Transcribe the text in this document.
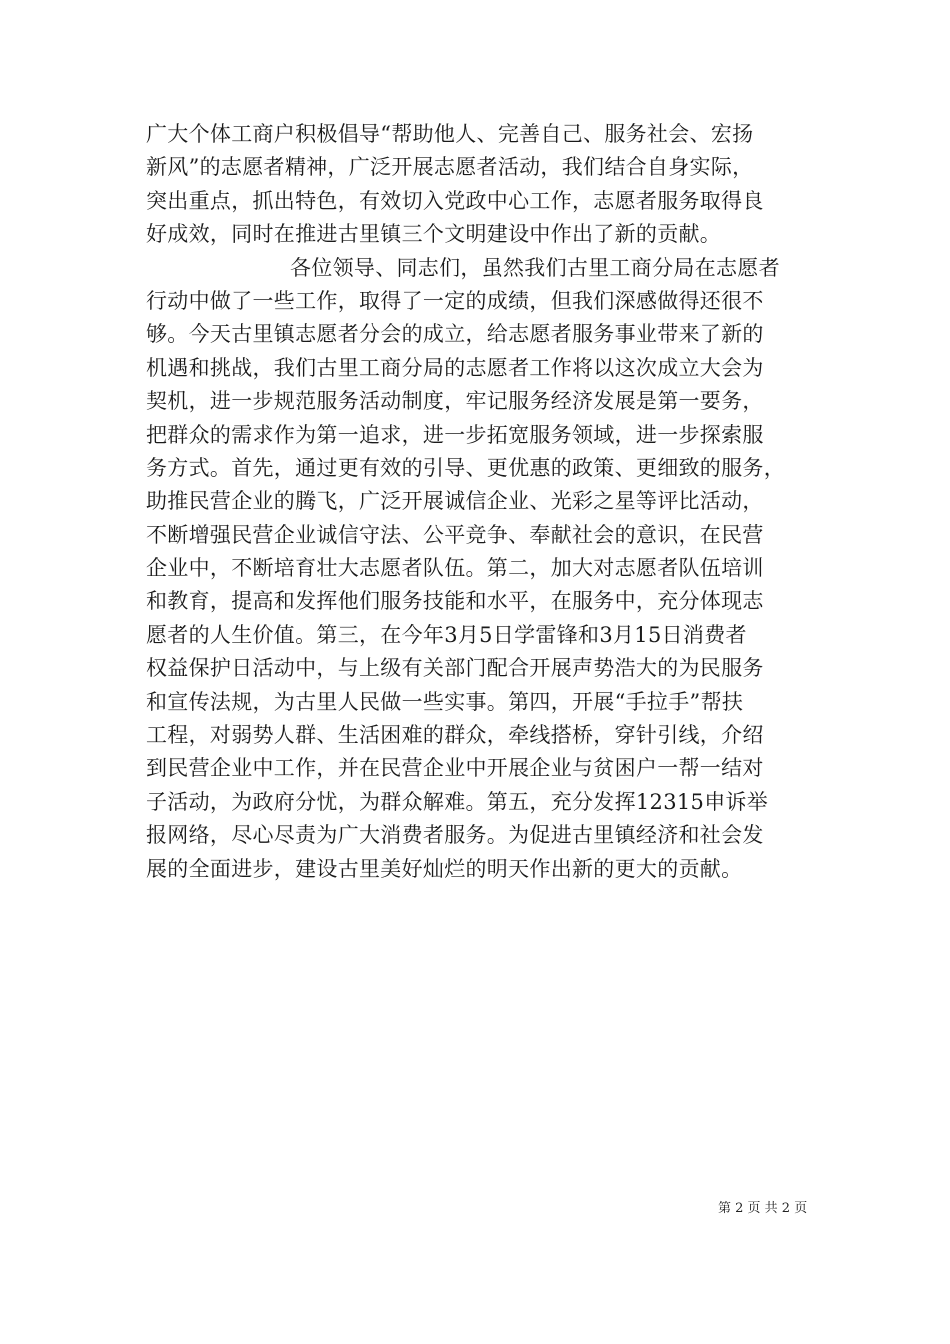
广大个体工商户积极倡导“帮助他人、完善自己、服务社会、宏扬
新风”的志愿者精神，广泛开展志愿者活动，我们结合自身实际，
突出重点，抓出特色，有效切入党政中心工作，志愿者服务取得良
好成效，同时在推进古里镇三个文明建设中作出了新的贡献。
各位领导、同志们，虽然我们古里工商分局在志愿者
行动中做了一些工作，取得了一定的成绩，但我们深感做得还很不
够。今天古里镇志愿者分会的成立，给志愿者服务事业带来了新的
机遇和挑战，我们古里工商分局的志愿者工作将以这次成立大会为
契机，进一步规范服务活动制度，牢记服务经济发展是第一要务，
把群众的需求作为第一追求，进一步拓宽服务领域，进一步探索服
务方式。首先，通过更有效的引导、更优惠的政策、更细致的服务，
助推民营企业的腾飞，广泛开展诚信企业、光彩之星等评比活动，
不断增强民营企业诚信守法、公平竞争、奉献社会的意识，在民营
企业中，不断培育壮大志愿者队伍。第二，加大对志愿者队伍培训
和教育，提高和发挥他们服务技能和水平，在服务中，充分体现志
愿者的人生价值。第三，在今年3月5日学雷锋和3月15日消费者
权益保护日活动中，与上级有关部门配合开展声势浩大的为民服务
和宣传法规，为古里人民做一些实事。第四，开展“手拉手”帮扶
工程，对弱势人群、生活困难的群众，牵线搭桥，穿针引线，介绍
到民营企业中工作，并在民营企业中开展企业与贫困户一帮一结对
子活动，为政府分忧，为群众解难。第五，充分发挥12315申诉举
报网络，尽心尽责为广大消费者服务。为促进古里镇经济和社会发
展的全面进步，建设古里美好灿烂的明天作出新的更大的贡献。
第 2 页 共 2 页
